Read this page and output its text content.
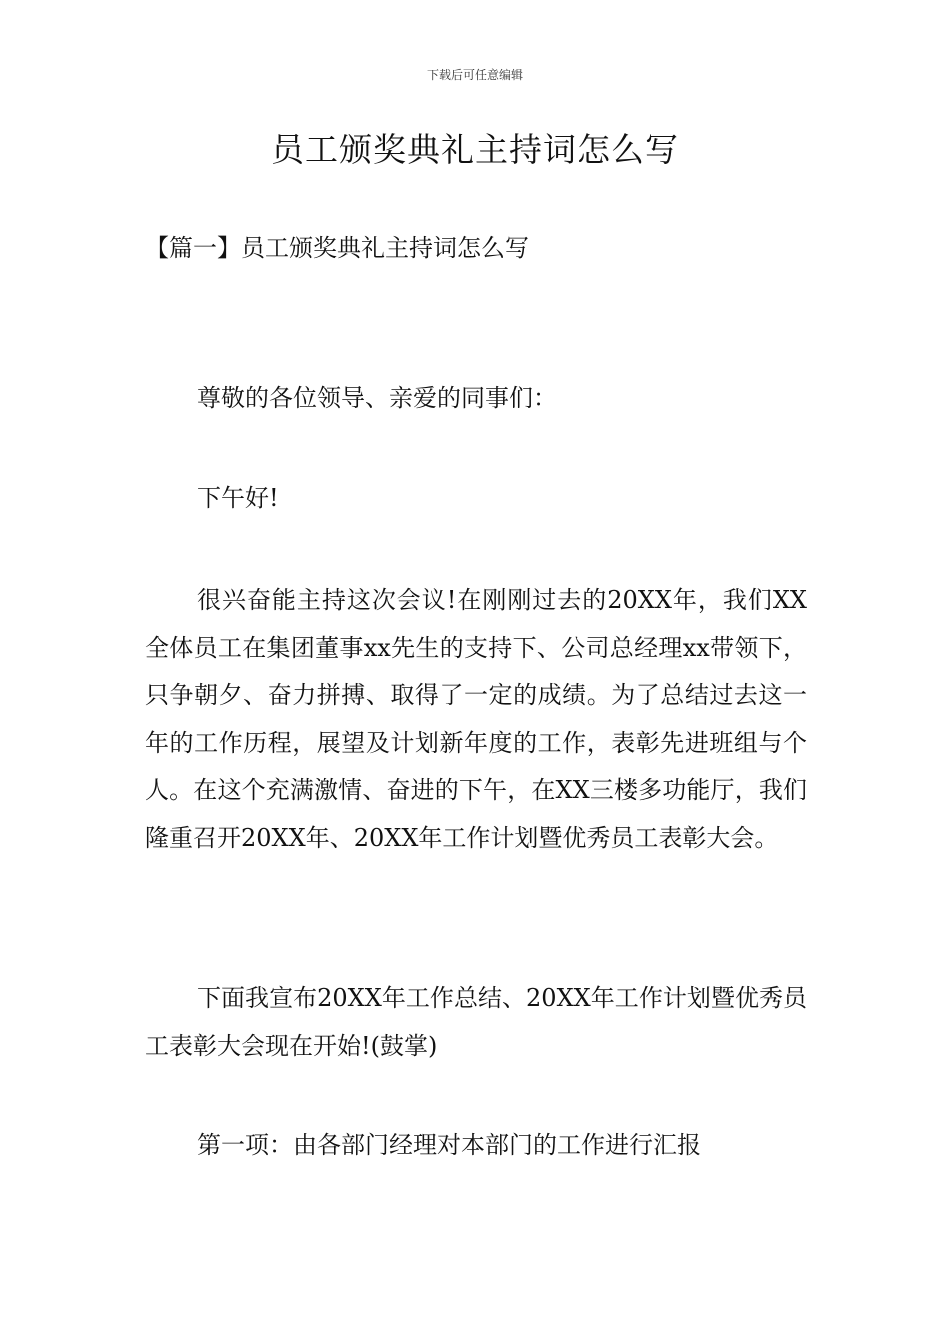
下载后可任意编辑
员工颁奖典礼主持词怎么写

【篇一】员工颁奖典礼主持词怎么写

尊敬的各位领导、亲爱的同事们：

下午好!

很兴奋能主持这次会议!在刚刚过去的20XX年，我们XX全体员工在集团董事xx先生的支持下、公司总经理xx带领下，只争朝夕、奋力拼搏、取得了一定的成绩。为了总结过去这一年的工作历程，展望及计划新年度的工作，表彰先进班组与个人。在这个充满激情、奋进的下午，在XX三楼多功能厅，我们隆重召开20XX年、20XX年工作计划暨优秀员工表彰大会。

下面我宣布20XX年工作总结、20XX年工作计划暨优秀员工表彰大会现在开始!(鼓掌)

第一项：由各部门经理对本部门的工作进行汇报
